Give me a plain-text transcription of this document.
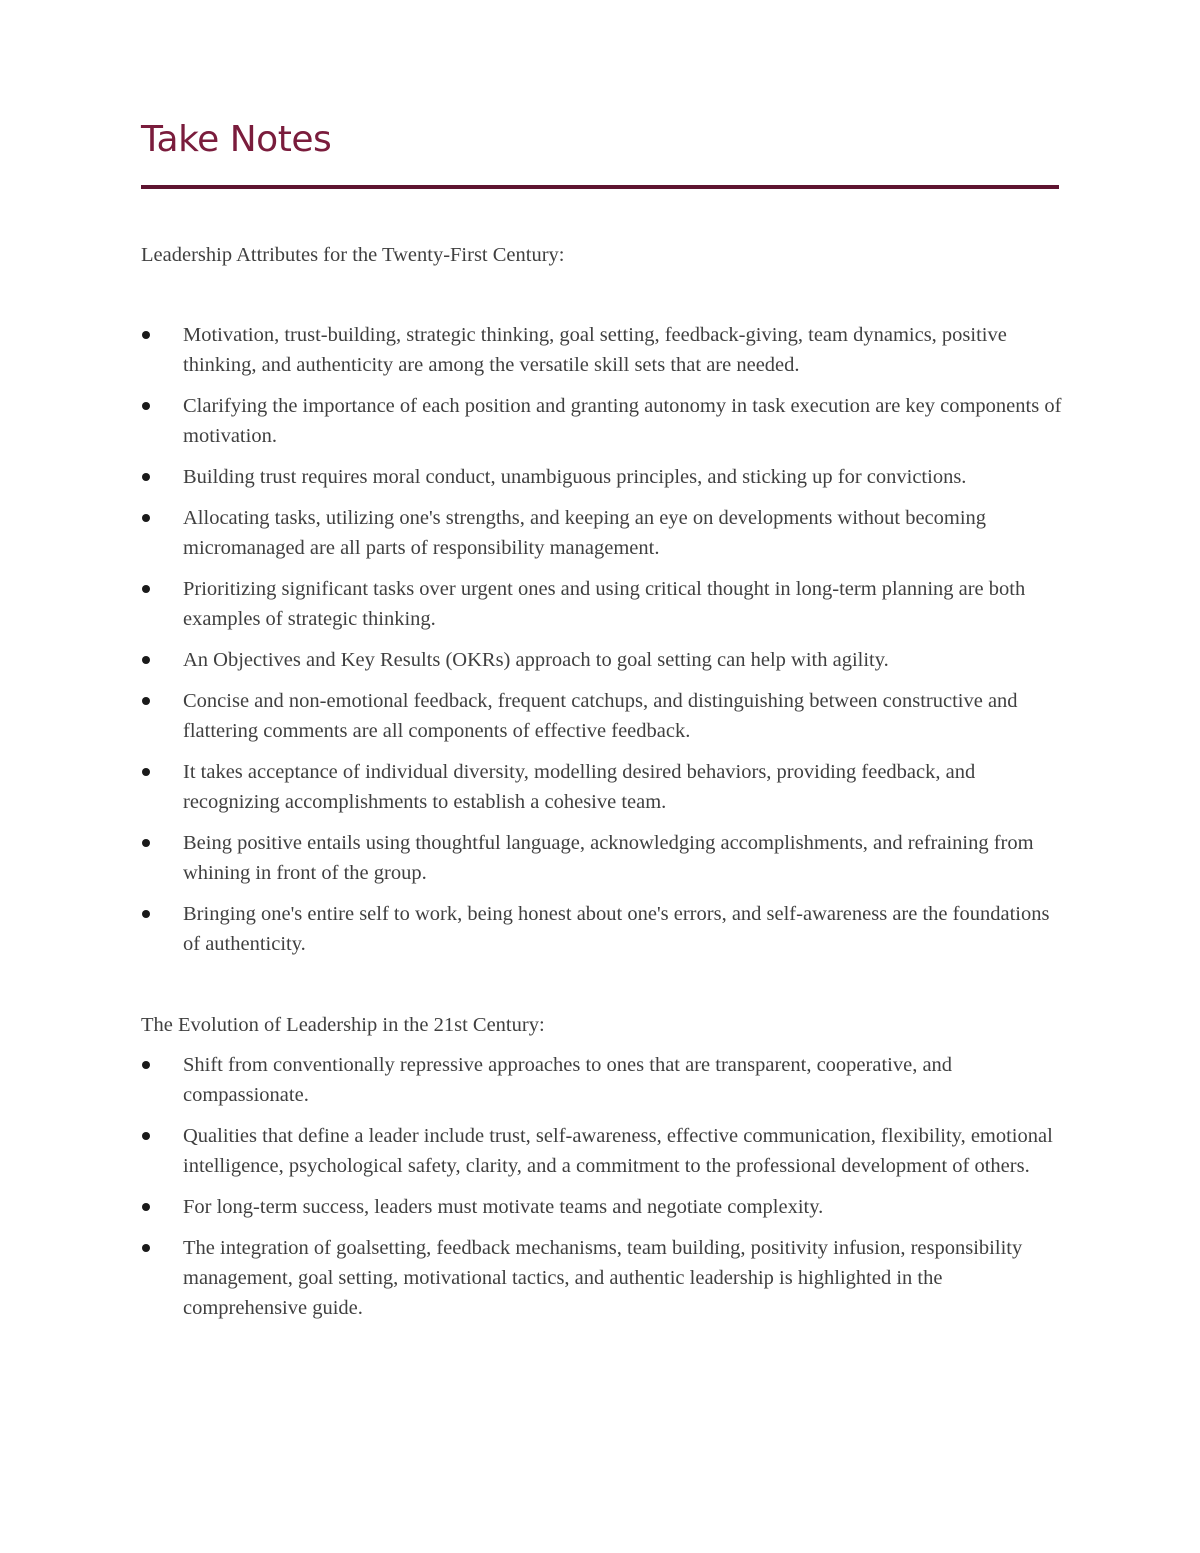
Take Notes

Leadership Attributes for the Twenty-First Century:

Motivation, trust-building, strategic thinking, goal setting, feedback-giving, team dynamics, positive thinking, and authenticity are among the versatile skill sets that are needed.
Clarifying the importance of each position and granting autonomy in task execution are key components of motivation.
Building trust requires moral conduct, unambiguous principles, and sticking up for convictions.
Allocating tasks, utilizing one's strengths, and keeping an eye on developments without becoming micromanaged are all parts of responsibility management.
Prioritizing significant tasks over urgent ones and using critical thought in long-term planning are both examples of strategic thinking.
An Objectives and Key Results (OKRs) approach to goal setting can help with agility.
Concise and non-emotional feedback, frequent catchups, and distinguishing between constructive and flattering comments are all components of effective feedback.
It takes acceptance of individual diversity, modelling desired behaviors, providing feedback, and recognizing accomplishments to establish a cohesive team.
Being positive entails using thoughtful language, acknowledging accomplishments, and refraining from whining in front of the group.
Bringing one's entire self to work, being honest about one's errors, and self-awareness are the foundations of authenticity.

The Evolution of Leadership in the 21st Century:

Shift from conventionally repressive approaches to ones that are transparent, cooperative, and compassionate.
Qualities that define a leader include trust, self-awareness, effective communication, flexibility, emotional intelligence, psychological safety, clarity, and a commitment to the professional development of others.
For long-term success, leaders must motivate teams and negotiate complexity.
The integration of goalsetting, feedback mechanisms, team building, positivity infusion, responsibility management, goal setting, motivational tactics, and authentic leadership is highlighted in the comprehensive guide.
